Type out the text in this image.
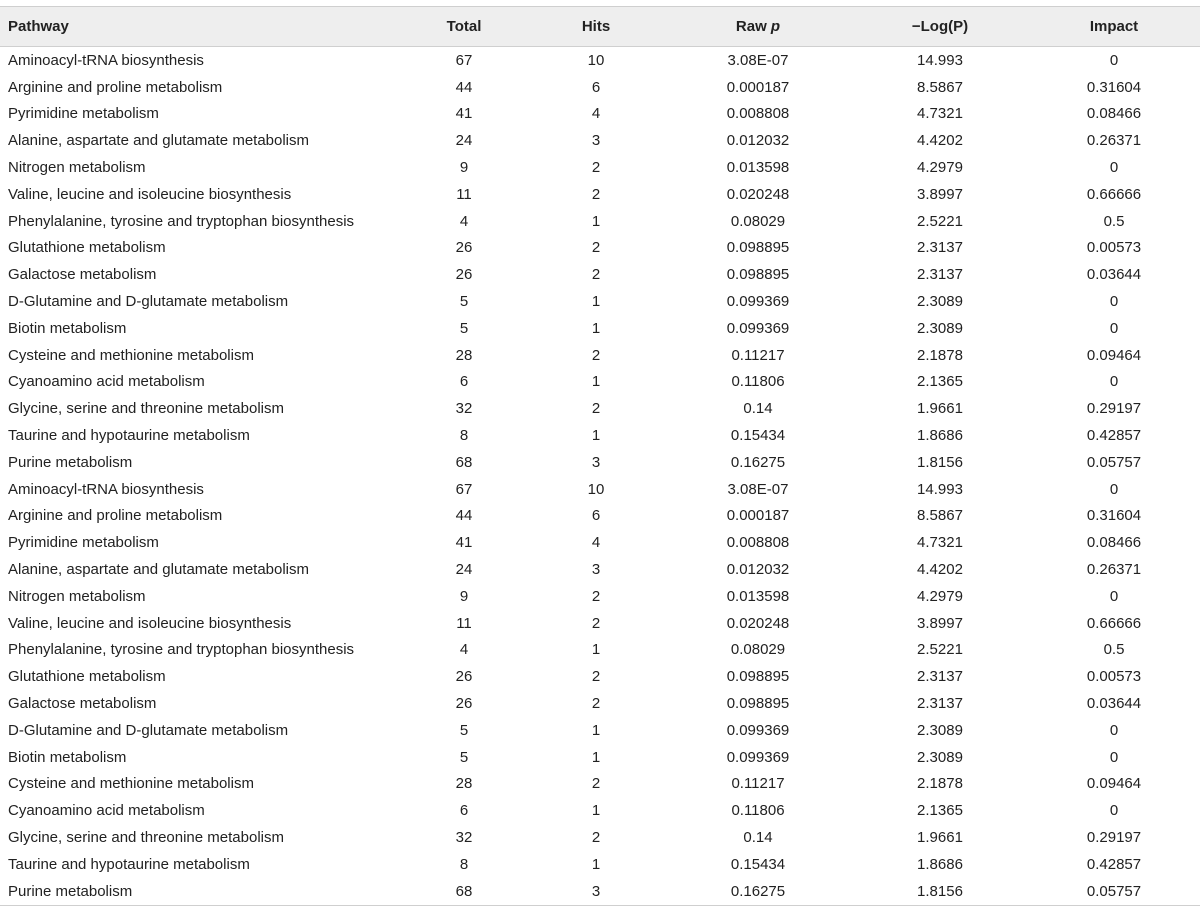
Pathway	Total	Hits	Raw p	−Log(P)	Impact
Aminoacyl-tRNA biosynthesis	67	10	3.08E-07	14.993	0
Arginine and proline metabolism	44	6	0.000187	8.5867	0.31604
Pyrimidine metabolism	41	4	0.008808	4.7321	0.08466
Alanine, aspartate and glutamate metabolism	24	3	0.012032	4.4202	0.26371
Nitrogen metabolism	9	2	0.013598	4.2979	0
Valine, leucine and isoleucine biosynthesis	11	2	0.020248	3.8997	0.66666
Phenylalanine, tyrosine and tryptophan biosynthesis	4	1	0.08029	2.5221	0.5
Glutathione metabolism	26	2	0.098895	2.3137	0.00573
Galactose metabolism	26	2	0.098895	2.3137	0.03644
D-Glutamine and D-glutamate metabolism	5	1	0.099369	2.3089	0
Biotin metabolism	5	1	0.099369	2.3089	0
Cysteine and methionine metabolism	28	2	0.11217	2.1878	0.09464
Cyanoamino acid metabolism	6	1	0.11806	2.1365	0
Glycine, serine and threonine metabolism	32	2	0.14	1.9661	0.29197
Taurine and hypotaurine metabolism	8	1	0.15434	1.8686	0.42857
Purine metabolism	68	3	0.16275	1.8156	0.05757
Aminoacyl-tRNA biosynthesis	67	10	3.08E-07	14.993	0
Arginine and proline metabolism	44	6	0.000187	8.5867	0.31604
Pyrimidine metabolism	41	4	0.008808	4.7321	0.08466
Alanine, aspartate and glutamate metabolism	24	3	0.012032	4.4202	0.26371
Nitrogen metabolism	9	2	0.013598	4.2979	0
Valine, leucine and isoleucine biosynthesis	11	2	0.020248	3.8997	0.66666
Phenylalanine, tyrosine and tryptophan biosynthesis	4	1	0.08029	2.5221	0.5
Glutathione metabolism	26	2	0.098895	2.3137	0.00573
Galactose metabolism	26	2	0.098895	2.3137	0.03644
D-Glutamine and D-glutamate metabolism	5	1	0.099369	2.3089	0
Biotin metabolism	5	1	0.099369	2.3089	0
Cysteine and methionine metabolism	28	2	0.11217	2.1878	0.09464
Cyanoamino acid metabolism	6	1	0.11806	2.1365	0
Glycine, serine and threonine metabolism	32	2	0.14	1.9661	0.29197
Taurine and hypotaurine metabolism	8	1	0.15434	1.8686	0.42857
Purine metabolism	68	3	0.16275	1.8156	0.05757
